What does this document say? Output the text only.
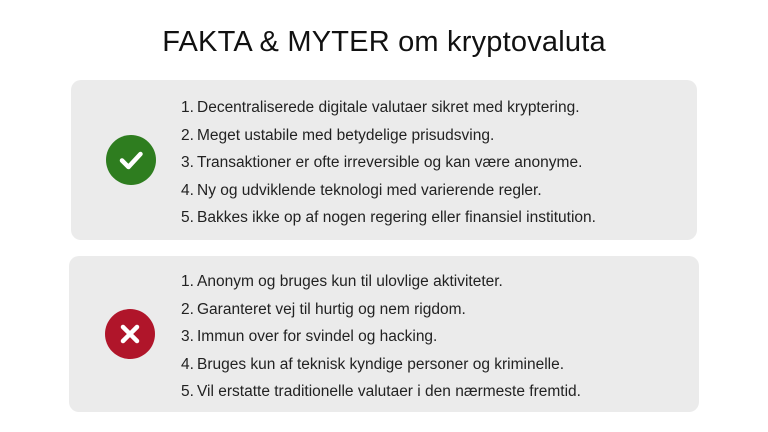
FAKTA & MYTER om kryptovaluta
1. Decentraliserede digitale valutaer sikret med kryptering.
2. Meget ustabile med betydelige prisudsving.
3. Transaktioner er ofte irreversible og kan være anonyme.
4. Ny og udviklende teknologi med varierende regler.
5. Bakkes ikke op af nogen regering eller finansiel institution.
1. Anonym og bruges kun til ulovlige aktiviteter.
2. Garanteret vej til hurtig og nem rigdom.
3. Immun over for svindel og hacking.
4. Bruges kun af teknisk kyndige personer og kriminelle.
5. Vil erstatte traditionelle valutaer i den nærmeste fremtid.
